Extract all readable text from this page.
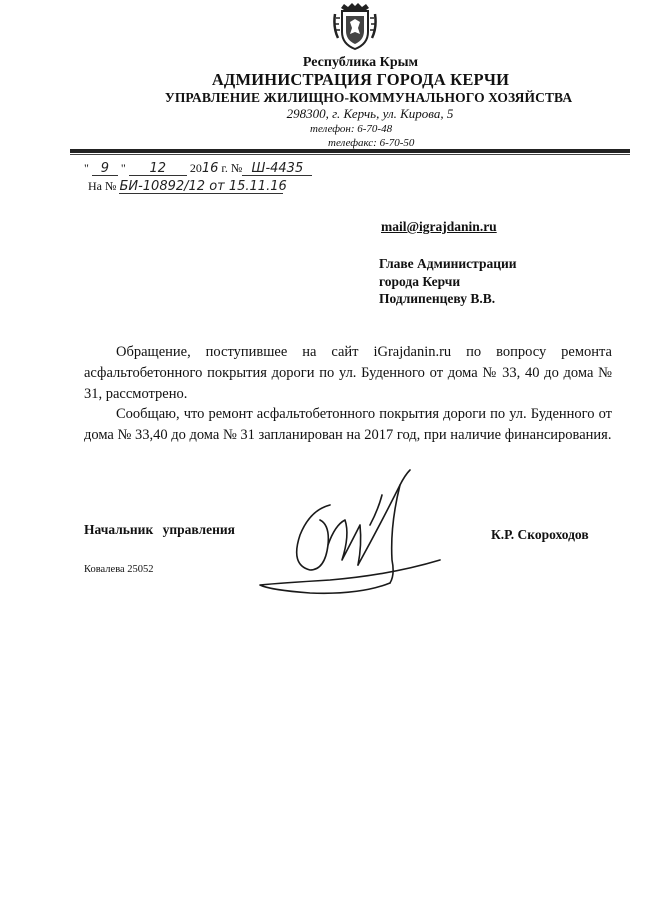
Республика Крым
АДМИНИСТРАЦИЯ ГОРОДА КЕРЧИ
УПРАВЛЕНИЕ ЖИЛИЩНО-КОММУНАЛЬНОГО ХОЗЯЙСТВА
298300, г. Керчь, ул. Кирова, 5
телефон: 6-70-48
телефакс: 6-70-50
" 9 " 12 2016 г. № Ш-4435
На № БИ-10892/12 от 15.11.16
mail@igrajdanin.ru
Главе Администрации
города Керчи
Подлипенцеву В.В.
Обращение, поступившее на сайт iGrajdanin.ru по вопросу ремонта асфальтобетонного покрытия дороги по ул. Буденного от дома № 33, 40 до дома № 31, рассмотрено.
Сообщаю, что ремонт асфальтобетонного покрытия дороги по ул. Буденного от дома № 33,40 до дома № 31 запланирован на 2017 год, при наличие финансирования.
Начальник управления	К.Р. Скороходов
Ковалева 25052
